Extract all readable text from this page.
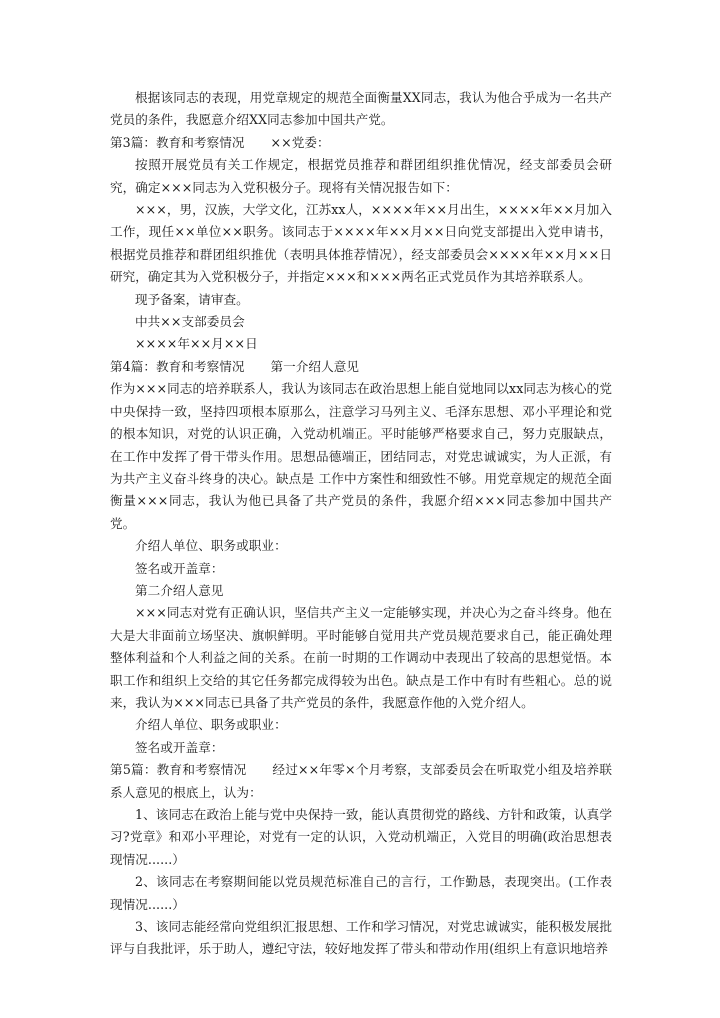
根据该同志的表现，用党章规定的规范全面衡量XX同志，我认为他合乎成为一名共产党员的条件，我愿意介绍XX同志参加中国共产党。

第3篇：教育和考察情况 ××党委：

按照开展党员有关工作规定，根据党员推荐和群团组织推优情况，经支部委员会研究，确定×××同志为入党积极分子。现将有关情况报告如下：

×××，男，汉族，大学文化，江苏xx人，××××年××月出生，××××年××月加入工作，现任××单位××职务。该同志于××××年××月××日向党支部提出入党申请书，根据党员推荐和群团组织推优（表明具体推荐情况），经支部委员会××××年××月××日研究，确定其为入党积极分子，并指定×××和×××两名正式党员作为其培养联系人。

现予备案，请审查。

中共××支部委员会

××××年××月××日

第4篇：教育和考察情况 第一介绍人意见

作为×××同志的培养联系人，我认为该同志在政治思想上能自觉地同以xx同志为核心的党中央保持一致，坚持四项根本原那么，注意学习马列主义、毛泽东思想、邓小平理论和党的根本知识，对党的认识正确，入党动机端正。平时能够严格要求自己，努力克服缺点，在工作中发挥了骨干带头作用。思想品德端正，团结同志，对党忠诚诚实，为人正派，有为共产主义奋斗终身的决心。缺点是 工作中方案性和细致性不够。用党章规定的规范全面衡量×××同志，我认为他已具备了共产党员的条件，我愿介绍×××同志参加中国共产党。

介绍人单位、职务或职业：

签名或开盖章：

第二介绍人意见

×××同志对党有正确认识，坚信共产主义一定能够实现，并决心为之奋斗终身。他在大是大非面前立场坚决、旗帜鲜明。平时能够自觉用共产党员规范要求自己，能正确处理整体利益和个人利益之间的关系。在前一时期的工作调动中表现出了较高的思想觉悟。本职工作和组织上交给的其它任务都完成得较为出色。缺点是工作中有时有些粗心。总的说来，我认为×××同志已具备了共产党员的条件，我愿意作他的入党介绍人。

介绍人单位、职务或职业：

签名或开盖章：

第5篇：教育和考察情况 经过××年零×个月考察，支部委员会在听取党小组及培养联系人意见的根底上，认为：

1、该同志在政治上能与党中央保持一致，能认真贯彻党的路线、方针和政策，认真学习?党章》和邓小平理论，对党有一定的认识，入党动机端正，入党目的明确(政治思想表现情况......）

2、该同志在考察期间能以党员规范标准自己的言行，工作勤恳，表现突出。(工作表现情况......）

3、该同志能经常向党组织汇报思想、工作和学习情况，对党忠诚诚实，能积极发展批评与自我批评，乐于助人，遵纪守法，较好地发挥了带头和带动作用(组织上有意识地培养
